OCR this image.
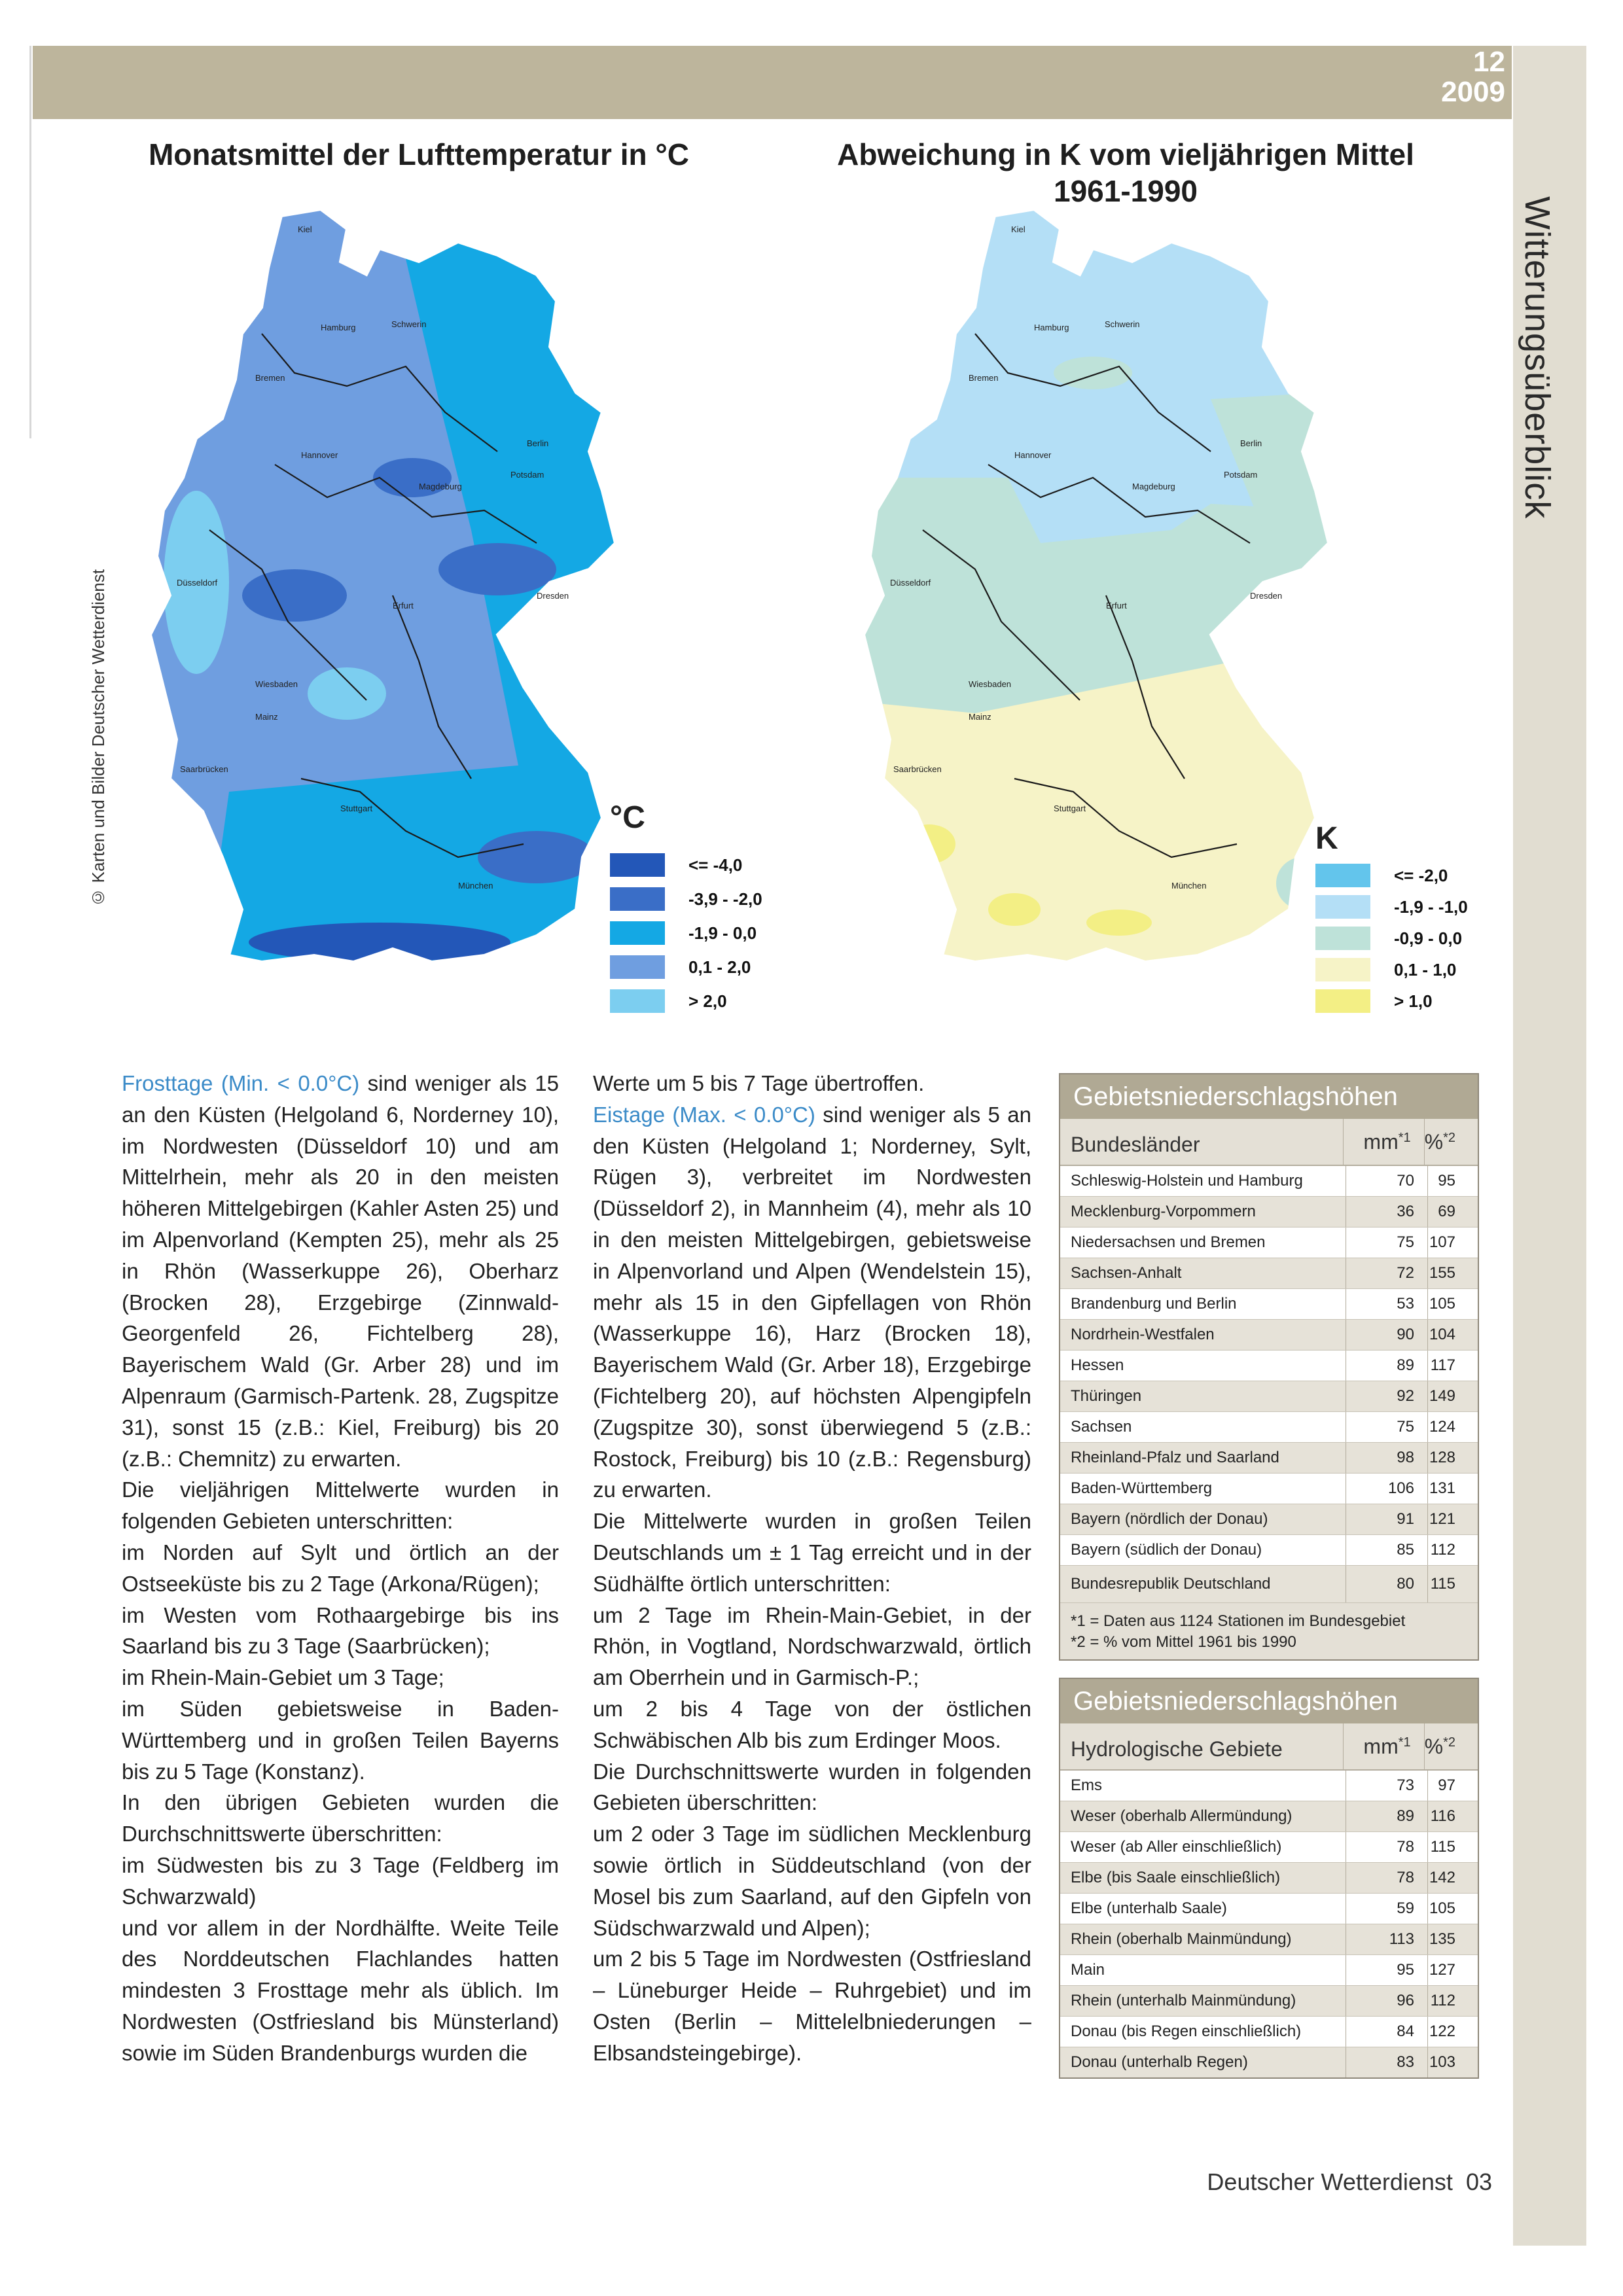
12
2009
Witterungsüberblick
Monatsmittel der Lufttemperatur in °C	Abweichung in K vom vieljährigen Mittel
1961-1990
© Karten und Bilder Deutscher Wetterdienst
Kiel
Hamburg	Schwerin
Bremen
Berlin
Potsdam
Hannover
Magdeburg
Düsseldorf
Erfurt
Dresden
Wiesbaden
Mainz
Saarbrücken
Stuttgart
München
°C
<= -4,0
-3,9 - -2,0
-1,9 - 0,0
0,1 - 2,0
> 2,0
Kiel
Hamburg	Schwerin
Bremen
Berlin
Potsdam
Hannover
Magdeburg
Düsseldorf
Erfurt
Dresden
Wiesbaden
Mainz
Saarbrücken
Stuttgart
München
K
<= -2,0
-1,9 - -1,0
-0,9 - 0,0
0,1 - 1,0
> 1,0

Frosttage (Min. < 0.0°C) sind weniger als 15 an den Küsten (Helgoland 6, Norderney 10), im Nordwesten (Düsseldorf 10) und am Mittelrhein, mehr als 20 in den meisten höheren Mittelgebirgen (Kahler Asten 25) und im Alpenvorland (Kempten 25), mehr als 25 in Rhön (Wasserkuppe 26), Oberharz (Brocken 28), Erzgebirge (Zinnwald-Georgenfeld 26, Fichtelberg 28), Bayerischem Wald (Gr. Arber 28) und im Alpenraum (Garmisch-Partenk. 28, Zugspitze 31), sonst 15 (z.B.: Kiel, Freiburg) bis 20 (z.B.: Chemnitz) zu erwarten.

Die vieljährigen Mittelwerte wurden in folgenden Gebieten unterschritten:

im Norden auf Sylt und örtlich an der Ostseeküste bis zu 2 Tage (Arkona/Rügen);

im Westen vom Rothaargebirge bis ins Saarland bis zu 3 Tage (Saarbrücken);

im Rhein-Main-Gebiet um 3 Tage;

im Süden gebietsweise in Baden-Württemberg und in großen Teilen Bayerns bis zu 5 Tage (Konstanz).

In den übrigen Gebieten wurden die Durchschnittswerte überschritten:

im Südwesten bis zu 3 Tage (Feldberg im Schwarzwald)

und vor allem in der Nordhälfte. Weite Teile des Norddeutschen Flachlandes hatten mindesten 3 Frosttage mehr als üblich. Im Nordwesten (Ostfriesland bis Münsterland) sowie im Süden Brandenburgs wurden die

Werte um 5 bis 7 Tage übertroffen.

Eistage (Max. < 0.0°C) sind weniger als 5 an den Küsten (Helgoland 1; Norderney, Sylt, Rügen 3), verbreitet im Nordwesten (Düsseldorf 2), in Mannheim (4), mehr als 10 in den meisten Mittelgebirgen, gebietsweise in Alpenvorland und Alpen (Wendelstein 15), mehr als 15 in den Gipfellagen von Rhön (Wasserkuppe 16), Harz (Brocken 18), Bayerischem Wald (Gr. Arber 18), Erzgebirge (Fichtelberg 20), auf höchsten Alpengipfeln (Zugspitze 30), sonst überwiegend 5 (z.B.: Rostock, Freiburg) bis 10 (z.B.: Regensburg) zu erwarten.

Die Mittelwerte wurden in großen Teilen Deutschlands um ± 1 Tag erreicht und in der Südhälfte örtlich unterschritten:

um 2 Tage im Rhein-Main-Gebiet, in der Rhön, in Vogtland, Nordschwarzwald, örtlich am Oberrhein und in Garmisch-P.;

um 2 bis 4 Tage von der östlichen Schwäbischen Alb bis zum Erdinger Moos.

Die Durchschnittswerte wurden in folgenden Gebieten überschritten:

um 2 oder 3 Tage im südlichen Mecklenburg sowie örtlich in Süddeutschland (von der Mosel bis zum Saarland, auf den Gipfeln von Südschwarzwald und Alpen);

um 2 bis 5 Tage im Nordwesten (Ostfriesland – Lüneburger Heide – Ruhrgebiet) und im Osten (Berlin – Mittelelbniederungen – Elbsandsteingebirge).

Gebietsniederschlagshöhen
Bundesländer	$mm^{*1}$ %$^{*2}$
Schleswig-Holstein und Hamburg	70	95
Mecklenburg-Vorpommern	36	69
Niedersachsen und Bremen	75 107
Sachsen-Anhalt	72 155
Brandenburg und Berlin	53 105
Nordrhein-Westfalen	90 104
Hessen	89	117
Thüringen	92 149
Sachsen	75 124
Rheinland-Pfalz und Saarland	98 128
Baden-Württemberg	106 131
Bayern (nördlich der Donau)	91 121
Bayern (südlich der Donau)	85	112
Bundesrepublik Deutschland	80	115
*1 = Daten aus 1124 Stationen im Bundesgebiet
*2 = % vom Mittel 1961 bis 1990
Gebietsniederschlagshöhen
Hydrologische Gebiete	$mm^{*1}$ %$^{*2}$
Ems	73	97
Weser (oberhalb Allermündung)	89	116
Weser (ab Aller einschließlich)	78	115
Elbe (bis Saale einschließlich)	78 142
Elbe (unterhalb Saale)	59 105
Rhein (oberhalb Mainmündung)	113 135
Main	95 127
Rhein (unterhalb Mainmündung)	96	112
Donau (bis Regen einschließlich)	84 122
Donau (unterhalb Regen)	83 103
Deutscher Wetterdienst 03
